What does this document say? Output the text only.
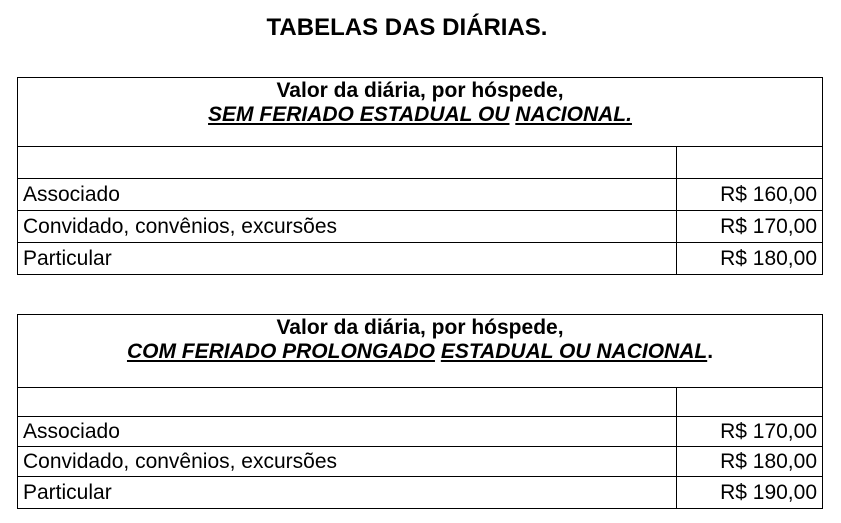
TABELAS DAS DIÁRIAS.
Valor da diária, por hóspede,
SEM FERIADO ESTADUAL OU NACIONAL.	

Associado	R$ 160,00
Convidado, convênios, excursões	R$ 170,00
Particular	R$ 180,00
Valor da diária, por hóspede,
COM FERIADO PROLONGADO ESTADUAL OU NACIONAL.	

Associado	R$ 170,00
Convidado, convênios, excursões	R$ 180,00
Particular	R$ 190,00
